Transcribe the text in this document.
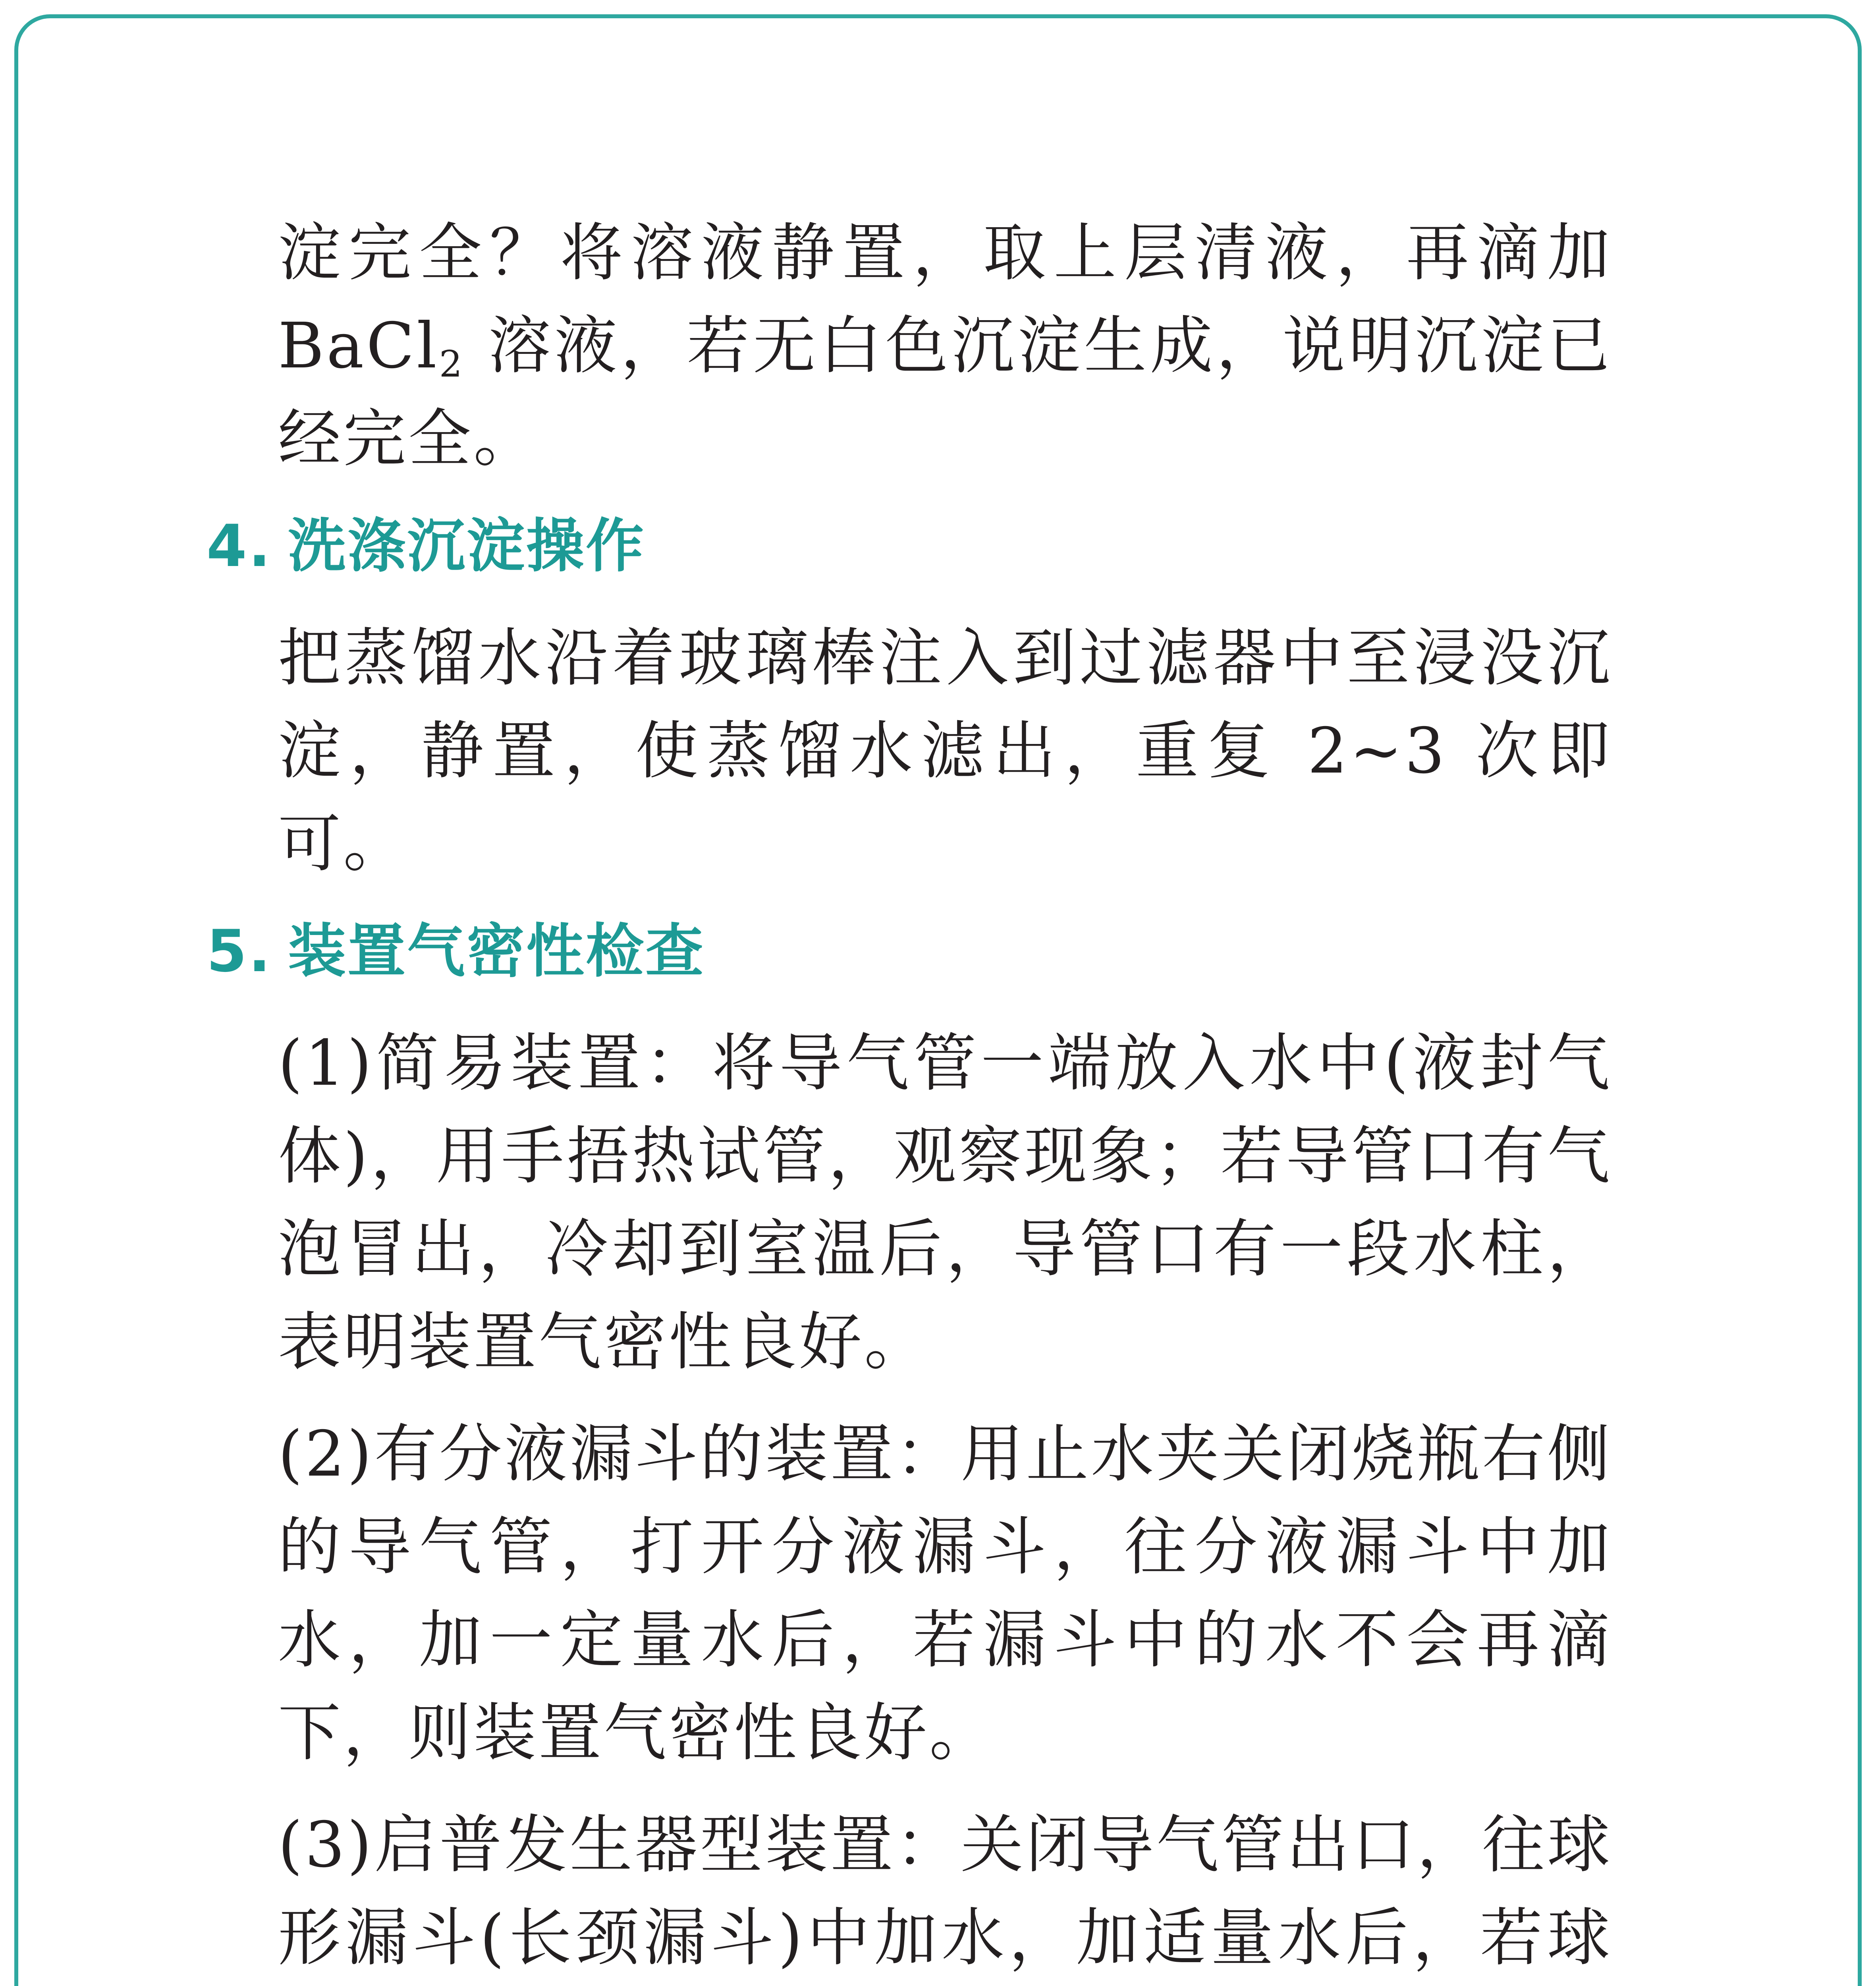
淀完全？将溶液静置，取上层清液，再滴加 BaCl$_2$ 溶液，若无白色沉淀生成，说明沉淀已经完全。

4. 洗涤沉淀操作

把蒸馏水沿着玻璃棒注入到过滤器中至浸没沉淀，静置，使蒸馏水滤出，重复 2~3 次即可。

5. 装置气密性检查

(1)简易装置：将导气管一端放入水中(液封气体)，用手捂热试管，观察现象；若导管口有气泡冒出，冷却到室温后，导管口有一段水柱，表明装置气密性良好。

(2)有分液漏斗的装置：用止水夹关闭烧瓶右侧的导气管，打开分液漏斗，往分液漏斗中加水，加一定量水后，若漏斗中的水不会再滴下，则装置气密性良好。

(3)启普发生器型装置：关闭导气管出口，往球形漏斗(长颈漏斗)中加水，加适量水后，若球
